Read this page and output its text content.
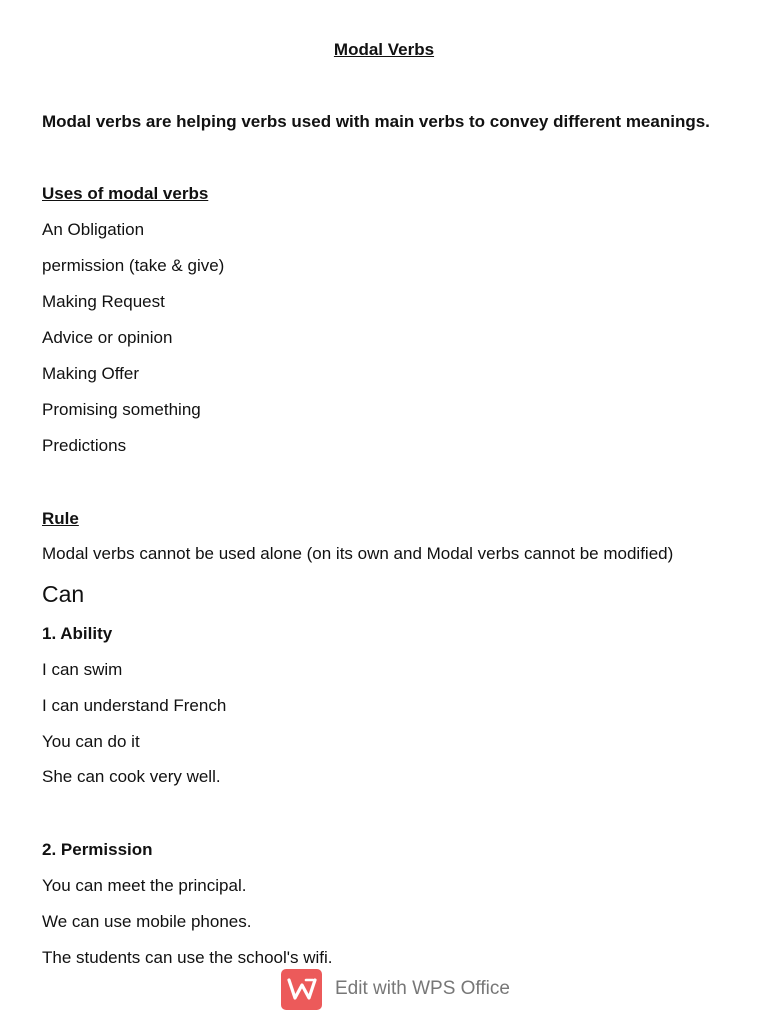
Modal Verbs
Modal verbs are helping verbs used with main verbs to convey different meanings.
Uses of modal verbs
An Obligation
permission (take & give)
Making Request
Advice or opinion
Making Offer
Promising something
Predictions
Rule
Modal verbs cannot be used alone (on its own and Modal verbs cannot be modified)
Can
1. Ability
I can swim
I can understand French
You can do it
She can cook very well.
2. Permission
You can meet the principal.
We can use mobile phones.
The students can use the school's wifi.
Edit with WPS Office
